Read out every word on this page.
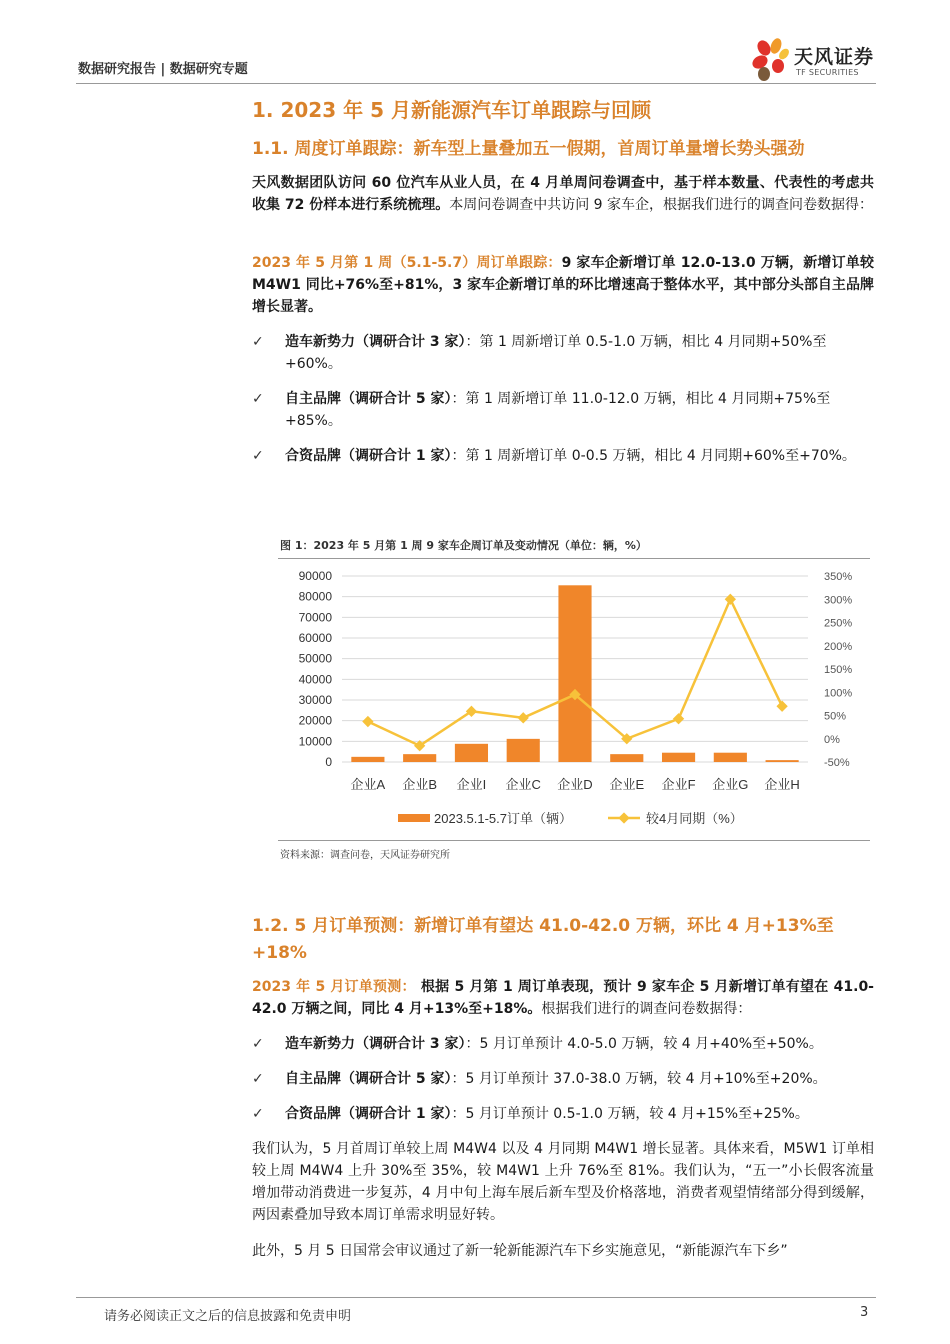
数据研究报告 | 数据研究专题
天风证券
TF SECURITIES
1. 2023 年 5 月新能源汽车订单跟踪与回顾
1.1. 周度订单跟踪：新车型上量叠加五一假期，首周订单量增长势头强劲
天风数据团队访问 60 位汽车从业人员，在 4 月单周问卷调查中，基于样本数量、代表性的考虑共收集 72 份样本进行系统梳理。本周问卷调查中共访问 9 家车企，根据我们进行的调查问卷数据得：
2023 年 5 月第 1 周（5.1-5.7）周订单跟踪：9 家车企新增订单 12.0-13.0 万辆，新增订单较 M4W1 同比+76%至+81%，3 家车企新增订单的环比增速高于整体水平，其中部分头部自主品牌增长显著。
✓ 造车新势力（调研合计 3 家）：第 1 周新增订单 0.5-1.0 万辆，相比 4 月同期+50%至+60%。
✓ 自主品牌（调研合计 5 家）：第 1 周新增订单 11.0-12.0 万辆，相比 4 月同期+75%至+85%。
✓ 合资品牌（调研合计 1 家）：第 1 周新增订单 0-0.5 万辆，相比 4 月同期+60%至+70%。
图 1：2023 年 5 月第 1 周 9 家车企周订单及变动情况（单位：辆，%）
90000
80000
70000
60000
50000
40000
30000
20000
10000
0
350%
300%
250%
200%
150%
100%
50%
0%
-50%
企业A 企业B 企业I 企业C 企业D 企业E 企业F 企业G 企业H
2023.5.1-5.7订单（辆）	较4月同期（%）
资料来源：调查问卷，天风证券研究所
1.2. 5 月订单预测：新增订单有望达 41.0-42.0 万辆，环比 4 月+13%至+18%
2023 年 5 月订单预测： 根据 5 月第 1 周订单表现，预计 9 家车企 5 月新增订单有望在 41.0-42.0 万辆之间，同比 4 月+13%至+18%。根据我们进行的调查问卷数据得：
✓ 造车新势力（调研合计 3 家）：5 月订单预计 4.0-5.0 万辆，较 4 月+40%至+50%。
✓ 自主品牌（调研合计 5 家）：5 月订单预计 37.0-38.0 万辆，较 4 月+10%至+20%。
✓ 合资品牌（调研合计 1 家）：5 月订单预计 0.5-1.0 万辆，较 4 月+15%至+25%。
我们认为，5 月首周订单较上周 M4W4 以及 4 月同期 M4W1 增长显著。具体来看，M5W1 订单相较上周 M4W4 上升 30%至 35%，较 M4W1 上升 76%至 81%。我们认为，“五一”小长假客流量增加带动消费进一步复苏，4 月中旬上海车展后新车型及价格落地，消费者观望情绪部分得到缓解，两因素叠加导致本周订单需求明显好转。
此外，5 月 5 日国常会审议通过了新一轮新能源汽车下乡实施意见，“新能源汽车下乡”
请务必阅读正文之后的信息披露和免责申明	3
